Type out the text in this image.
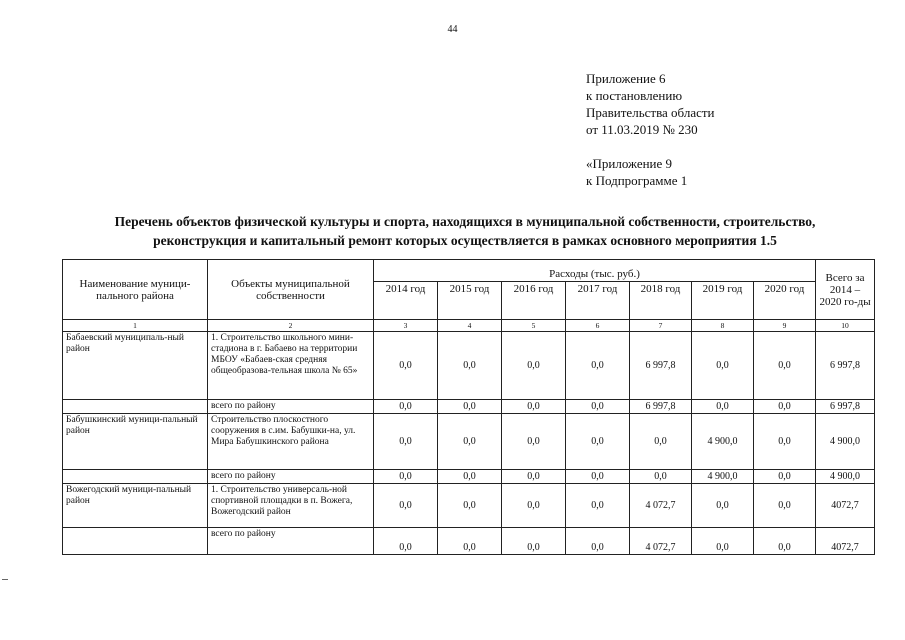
44
Приложение 6
к постановлению
Правительства области
от 11.03.2019 № 230
«Приложение 9
к Подпрограмме 1
Перечень объектов физической культуры и спорта, находящихся в муниципальной собственности, строительство,
реконструкция и капитальный ремонт которых осуществляется в рамках основного мероприятия 1.5
Наименование муници-пального района	Объекты муниципальной собственности	Расходы (тыс. руб.)							Всего за 2014 – 2020 го-ды
		2014 год	2015 год	2016 год	2017 год	2018 год	2019 год	2020 год	
1	2	3	4	5	6	7	8	9	10
Бабаевский муниципаль-ный район	1. Строительство школьного мини-стадиона в г. Бабаево на территории МБОУ «Бабаев-ская средняя общеобразова-тельная школа № 65»	0,0	0,0	0,0	0,0	6 997,8	0,0	0,0	6 997,8
	всего по району	0,0	0,0	0,0	0,0	6 997,8	0,0	0,0	6 997,8
Бабушкинский муници-пальный район	Строительство плоскостного сооружения в с.им. Бабушки-на, ул. Мира Бабушкинского района	0,0	0,0	0,0	0,0	0,0	4 900,0	0,0	4 900,0
	всего по району	0,0	0,0	0,0	0,0	0,0	4 900,0	0,0	4 900,0
Вожегодский муници-пальный район	1. Строительство универсаль-ной спортивной площадки в п. Вожега, Вожегодский район	0,0	0,0	0,0	0,0	4 072,7	0,0	0,0	4072,7
	всего по району	0,0	0,0	0,0	0,0	4 072,7	0,0	0,0	4072,7
